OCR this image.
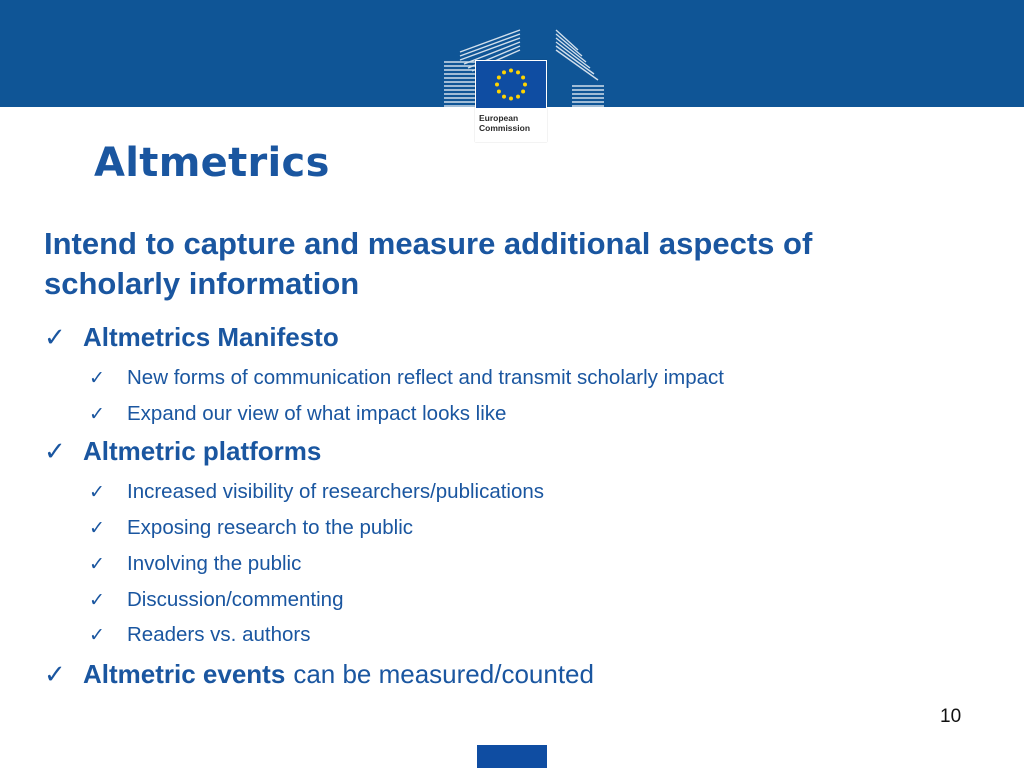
European
Commission
Altmetrics
Intend to capture and measure additional aspects of scholarly information
✓ Altmetrics Manifesto
✓	New forms of communication reflect and transmit scholarly impact
✓	Expand our view of what impact looks like
✓ Altmetric platforms
✓	Increased visibility of researchers/publications
✓	Exposing research to the public
✓	Involving the public
✓	Discussion/commenting
✓	Readers vs. authors
✓ Altmetric events can be measured/counted
10
